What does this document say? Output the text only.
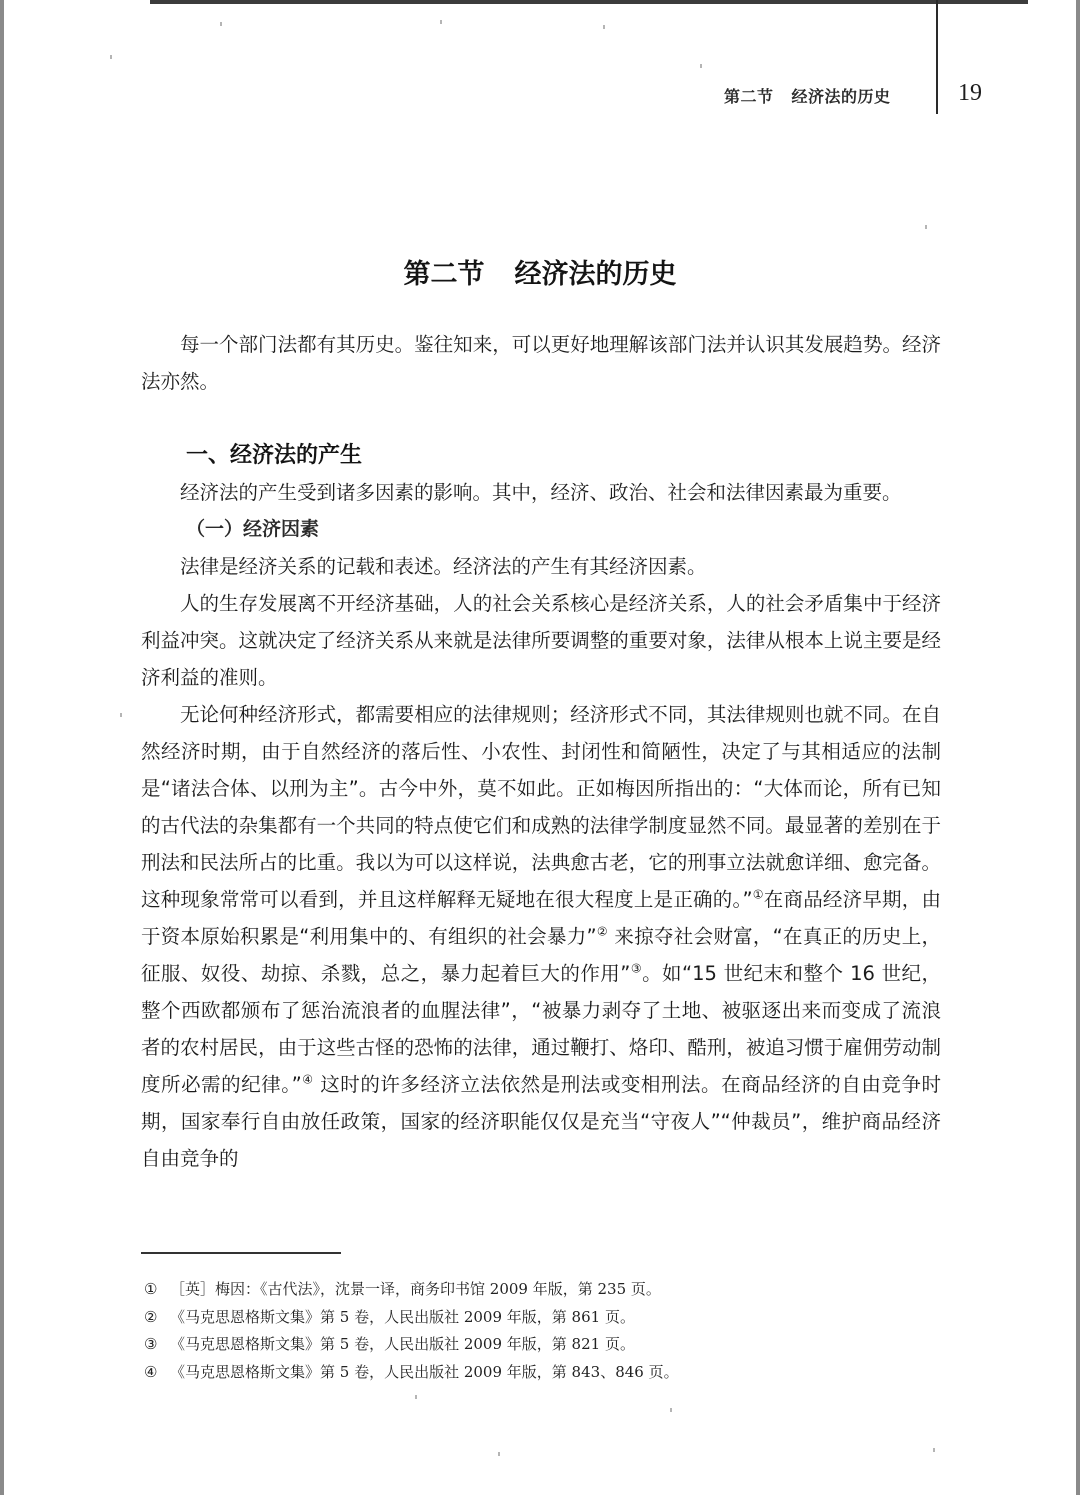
第二节 经济法的历史	19
第二节 经济法的历史

每一个部门法都有其历史。鉴往知来，可以更好地理解该部门法并认识其发展趋势。经济法亦然。

一、经济法的产生

经济法的产生受到诸多因素的影响。其中，经济、政治、社会和法律因素最为重要。

（一）经济因素

法律是经济关系的记载和表述。经济法的产生有其经济因素。

人的生存发展离不开经济基础，人的社会关系核心是经济关系，人的社会矛盾集中于经济利益冲突。这就决定了经济关系从来就是法律所要调整的重要对象，法律从根本上说主要是经济利益的准则。

无论何种经济形式，都需要相应的法律规则；经济形式不同，其法律规则也就不同。在自然经济时期，由于自然经济的落后性、小农性、封闭性和简陋性，决定了与其相适应的法制是“诸法合体、以刑为主”。古今中外，莫不如此。正如梅因所指出的：“大体而论，所有已知的古代法的杂集都有一个共同的特点使它们和成熟的法律学制度显然不同。最显著的差别在于刑法和民法所占的比重。我以为可以这样说，法典愈古老，它的刑事立法就愈详细、愈完备。这种现象常常可以看到，并且这样解释无疑地在很大程度上是正确的。”①在商品经济早期，由于资本原始积累是“利用集中的、有组织的社会暴力”② 来掠夺社会财富，“在真正的历史上，征服、奴役、劫掠、杀戮，总之，暴力起着巨大的作用”③。如“15 世纪末和整个 16 世纪，整个西欧都颁布了惩治流浪者的血腥法律”，“被暴力剥夺了土地、被驱逐出来而变成了流浪者的农村居民，由于这些古怪的恐怖的法律，通过鞭打、烙印、酷刑，被追习惯于雇佣劳动制度所必需的纪律。”④ 这时的许多经济立法依然是刑法或变相刑法。在商品经济的自由竞争时期，国家奉行自由放任政策，国家的经济职能仅仅是充当“守夜人”“仲裁员”，维护商品经济自由竞争的

① ［英］梅因：《古代法》，沈景一译，商务印书馆 2009 年版，第 235 页。
② 《马克思恩格斯文集》第 5 卷，人民出版社 2009 年版，第 861 页。
③ 《马克思恩格斯文集》第 5 卷，人民出版社 2009 年版，第 821 页。
④ 《马克思恩格斯文集》第 5 卷，人民出版社 2009 年版，第 843、846 页。
